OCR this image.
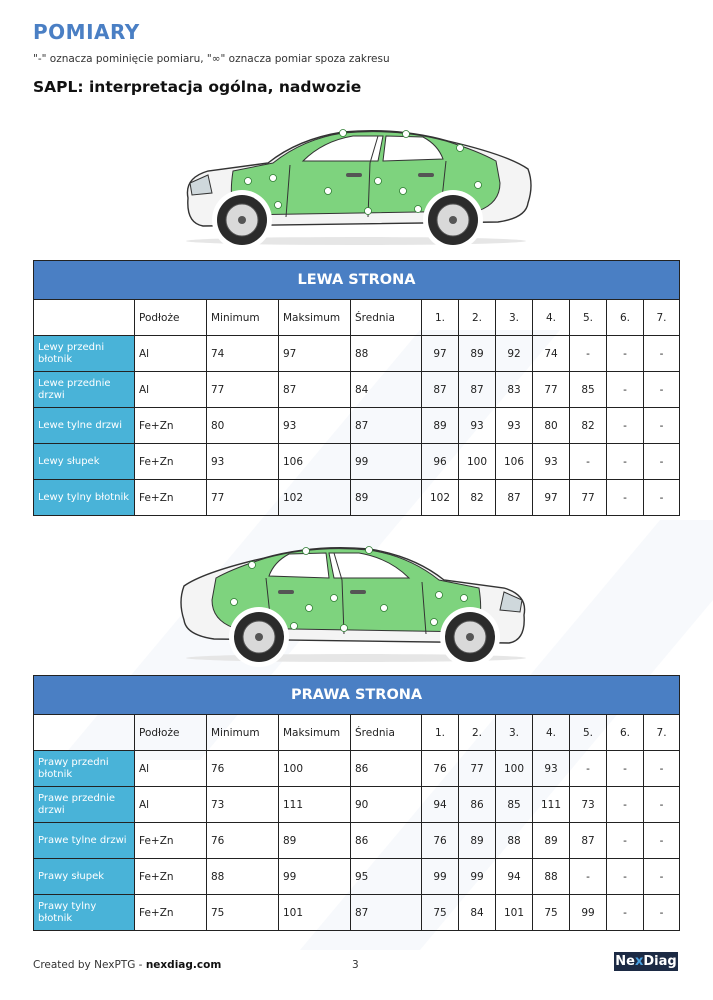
POMIARY
"-" oznacza pominięcie pomiaru, "∞" oznacza pomiar spoza zakresu
SAPL: interpretacja ogólna, nadwozie
LEWA STRONA											
	Podłoże	Minimum	Maksimum	Średnia	1.	2.	3.	4.	5.	6.	7.
Lewy przedni błotnik	Al	74	97	88	97	89	92	74	-	-	-
Lewe przednie drzwi	Al	77	87	84	87	87	83	77	85	-	-
Lewe tylne drzwi	Fe+Zn	80	93	87	89	93	93	80	82	-	-
Lewy słupek	Fe+Zn	93	106	99	96	100	106	93	-	-	-
Lewy tylny błotnik	Fe+Zn	77	102	89	102	82	87	97	77	-	-
PRAWA STRONA											
	Podłoże	Minimum	Maksimum	Średnia	1.	2.	3.	4.	5.	6.	7.
Prawy przedni błotnik	Al	76	100	86	76	77	100	93	-	-	-
Prawe przednie drzwi	Al	73	111	90	94	86	85	111	73	-	-
Prawe tylne drzwi	Fe+Zn	76	89	86	76	89	88	89	87	-	-
Prawy słupek	Fe+Zn	88	99	95	99	99	94	88	-	-	-
Prawy tylny błotnik	Fe+Zn	75	101	87	75	84	101	75	99	-	-
Created by NexPTG - nexdiag.com	3	NexDiag
